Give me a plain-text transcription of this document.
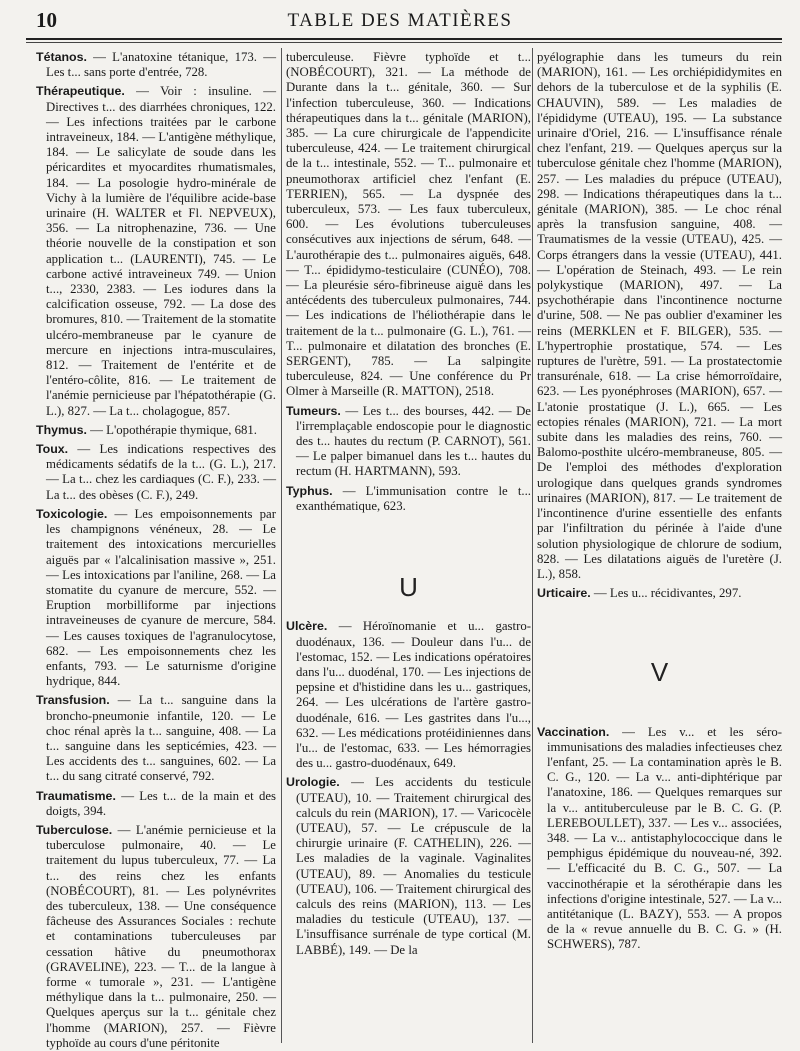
10	TABLE DES MATIÈRES

Tétanos. — L'anatoxine tétanique, 173. — Les t... sans porte d'entrée, 728.

Thérapeutique. — Voir : insuline. — Directives t... des diarrhées chroniques, 122. — Les infections traitées par le carbone intraveineux, 184. — L'antigène méthylique, 184. — Le salicylate de soude dans les péricardites et myocardites rhumatismales, 184. — La posologie hydro-minérale de Vichy à la lumière de l'équilibre acide-base urinaire (H. WALTER et Fl. NEPVEUX), 356. — La nitrophenazine, 736. — Une théorie nouvelle de la constipation et son application t... (LAURENTI), 745. — Le carbone activé intraveineux 749. — Union t..., 2330, 2383. — Les iodures dans la calcification osseuse, 792. — La dose des bromures, 810. — Traitement de la stomatite ulcéro-membraneuse par le cyanure de mercure en injections intra-musculaires, 812. — Traitement de l'entérite et de l'entéro-côlite, 816. — Le traitement de l'anémie pernicieuse par l'hépatothérapie (G. L.), 827. — La t... cholagogue, 857.

Thymus. — L'opothérapie thymique, 681.

Toux. — Les indications respectives des médicaments sédatifs de la t... (G. L.), 217. — La t... chez les cardiaques (C. F.), 233. — La t... des obèses (C. F.), 249.

Toxicologie. — Les empoisonnements par les champignons vénéneux, 28. — Le traitement des intoxications mercurielles aiguës par « l'alcalinisation massive », 251. — Les intoxications par l'aniline, 268. — La stomatite du cyanure de mercure, 552. — Eruption morbilliforme par injections intraveineuses de cyanure de mercure, 584. — Les causes toxiques de l'agranulocytose, 682. — Les empoisonnements chez les enfants, 793. — Le saturnisme d'origine hydrique, 844.

Transfusion. — La t... sanguine dans la broncho-pneumonie infantile, 120. — Le choc rénal après la t... sanguine, 408. — La t... sanguine dans les septicémies, 423. — Les accidents des t... sanguines, 602. — La t... du sang citraté conservé, 792.

Traumatisme. — Les t... de la main et des doigts, 394.

Tuberculose. — L'anémie pernicieuse et la tuberculose pulmonaire, 40. — Le traitement du lupus tuberculeux, 77. — La t... des reins chez les enfants (NOBÉCOURT), 81. — Les polynévrites des tuberculeux, 138. — Une conséquence fâcheuse des Assurances Sociales : rechute et contaminations tuberculeuses par cessation hâtive du pneumothorax (GRAVELINE), 223. — T... de la langue à forme « tumorale », 231. — L'antigène méthylique dans la t... pulmonaire, 250. — Quelques aperçus sur la t... génitale chez l'homme (MARION), 257. — Fièvre typhoïde au cours d'une péritonite

tuberculeuse. Fièvre typhoïde et t... (NOBÉCOURT), 321. — La méthode de Durante dans la t... génitale, 360. — Sur l'infection tuberculeuse, 360. — Indications thérapeutiques dans la t... génitale (MARION), 385. — La cure chirurgicale de l'appendicite tuberculeuse, 424. — Le traitement chirurgical de la t... intestinale, 552. — T... pulmonaire et pneumothorax artificiel chez l'enfant (E. TERRIEN), 565. — La dyspnée des tuberculeux, 573. — Les faux tuberculeux, 600. — Les évolutions tuberculeuses consécutives aux injections de sérum, 648. — L'aurothérapie des t... pulmonaires aiguës, 648. — T... épididymo-testiculaire (CUNÉO), 708. — La pleurésie séro-fibrineuse aiguë dans les antécédents des tuberculeux pulmonaires, 744. — Les indications de l'héliothérapie dans le traitement de la t... pulmonaire (G. L.), 761. — T... pulmonaire et dilatation des bronches (E. SERGENT), 785. — La salpingite tuberculeuse, 824. — Une conférence du Pr Olmer à Marseille (R. MATTON), 2518.

Tumeurs. — Les t... des bourses, 442. — De l'irremplaçable endoscopie pour le diagnostic des t... hautes du rectum (P. CARNOT), 561. — Le palper bimanuel dans les t... hautes du rectum (H. HARTMANN), 593.

Typhus. — L'immunisation contre le t... exanthématique, 623.

U

Ulcère. — Héroïnomanie et u... gastro-duodénaux, 136. — Douleur dans l'u... de l'estomac, 152. — Les indications opératoires dans l'u... duodénal, 170. — Les injections de pepsine et d'histidine dans les u... gastriques, 264. — Les ulcérations de l'artère gastro-duodénale, 616. — Les gastrites dans l'u..., 632. — Les médications protéidiniennes dans l'u... de l'estomac, 633. — Les hémorragies des u... gastro-duodénaux, 649.

Urologie. — Les accidents du testicule (UTEAU), 10. — Traitement chirurgical des calculs du rein (MARION), 17. — Varicocèle (UTEAU), 57. — Le crépuscule de la chirurgie urinaire (F. CATHELIN), 226. — Les maladies de la vaginale. Vaginalites (UTEAU), 89. — Anomalies du testicule (UTEAU), 106. — Traitement chirurgical des calculs des reins (MARION), 113. — Les maladies du testicule (UTEAU), 137. — L'insuffisance surrénale de type cortical (M. LABBÉ), 149. — De la

pyélographie dans les tumeurs du rein (MARION), 161. — Les orchiépididymites en dehors de la tuberculose et de la syphilis (E. CHAUVIN), 589. — Les maladies de l'épididyme (UTEAU), 195. — La substance urinaire d'Oriel, 216. — L'insuffisance rénale chez l'enfant, 219. — Quelques aperçus sur la tuberculose génitale chez l'homme (MARION), 257. — Les maladies du prépuce (UTEAU), 298. — Indications thérapeutiques dans la t... génitale (MARION), 385. — Le choc rénal après la transfusion sanguine, 408. — Traumatismes de la vessie (UTEAU), 425. — Corps étrangers dans la vessie (UTEAU), 441. — L'opération de Steinach, 493. — Le rein polykystique (MARION), 497. — La psychothérapie dans l'incontinence nocturne d'urine, 508. — Ne pas oublier d'examiner les reins (MERKLEN et F. BILGER), 535. — L'hypertrophie prostatique, 574. — Les ruptures de l'urètre, 591. — La prostatectomie transurénale, 618. — La crise hémorroïdaire, 623. — Les pyonéphroses (MARION), 657. — L'atonie prostatique (J. L.), 665. — Les ectopies rénales (MARION), 721. — La mort subite dans les maladies des reins, 760. — Balomo-posthite ulcéro-membraneuse, 805. — De l'emploi des méthodes d'exploration urologique dans quelques grands syndromes urinaires (MARION), 817. — Le traitement de l'incontinence d'urine essentielle des enfants par l'infiltration du périnée à l'aide d'une solution physiologique de chlorure de sodium, 828. — Les dilatations aiguës de l'uretère (J. L.), 858.

Urticaire. — Les u... récidivantes, 297.

V

Vaccination. — Les v... et les séro-immunisations des maladies infectieuses chez l'enfant, 25. — La contamination après le B. C. G., 120. — La v... anti-diphtérique par l'anatoxine, 186. — Quelques remarques sur la v... antituberculeuse par le B. C. G. (P. LEREBOULLET), 337. — Les v... associées, 348. — La v... antistaphylococcique dans le pemphigus épidémique du nouveau-né, 392. — L'efficacité du B. C. G., 507. — La vaccinothérapie et la sérothérapie dans les infections d'origine intestinale, 527. — La v... antitétanique (L. BAZY), 553. — A propos de la « revue annuelle du B. C. G. » (H. SCHWERS), 787.
